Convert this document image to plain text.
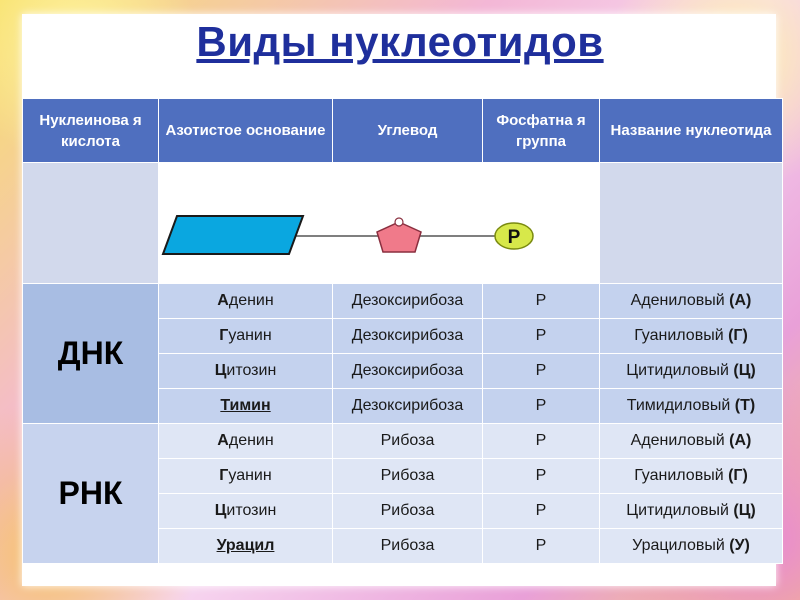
Виды нуклеотидов
Нуклеинова я кислота	Азотистое основание	Углевод	Фосфатна я группа	Название нуклеотида

P			

ДНК	Аденин	Дезоксирибоза	P	Адениловый (А)
	Гуанин	Дезоксирибоза	P	Гуаниловый (Г)
	Цитозин	Дезоксирибоза	P	Цитидиловый (Ц)
	Тимин	Дезоксирибоза	P	Тимидиловый (Т)
РНК	Аденин	Рибоза	P	Адениловый (А)
	Гуанин	Рибоза	P	Гуаниловый (Г)
	Цитозин	Рибоза	P	Цитидиловый (Ц)
	Урацил	Рибоза	P	Урациловый (У)
